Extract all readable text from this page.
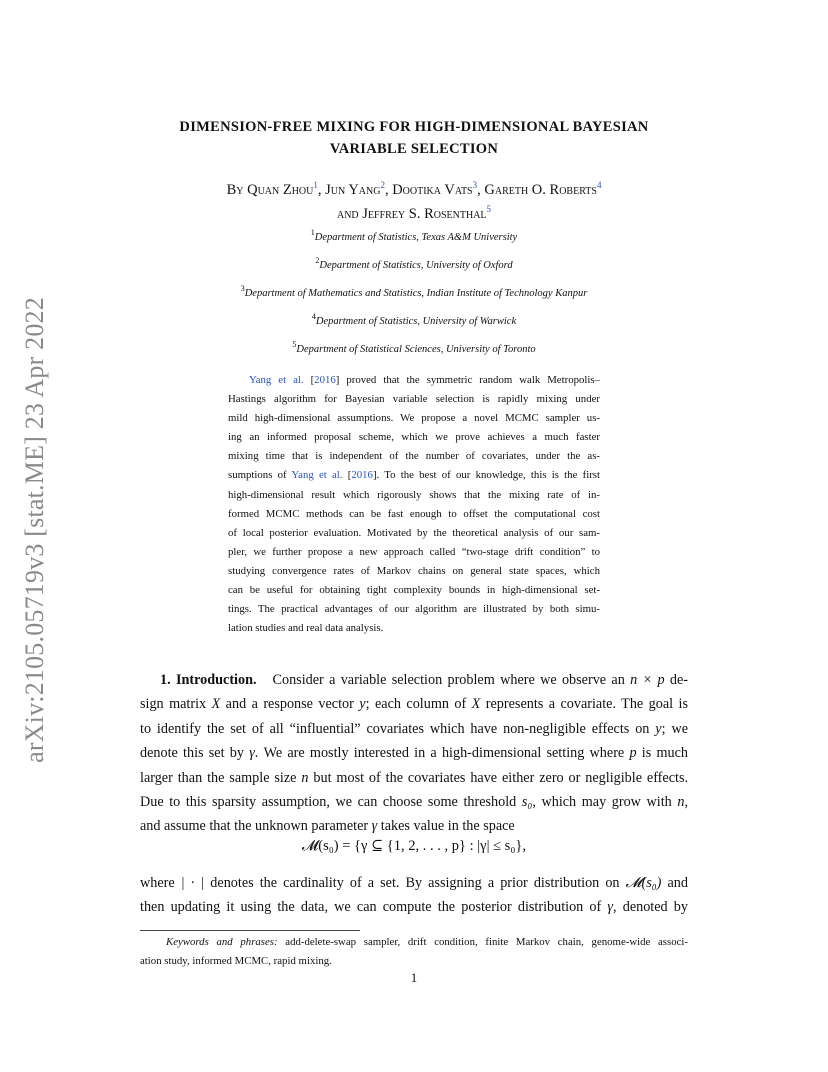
arXiv:2105.05719v3 [stat.ME] 23 Apr 2022
DIMENSION-FREE MIXING FOR HIGH-DIMENSIONAL BAYESIAN
VARIABLE SELECTION
By Quan Zhou$^1$, Jun Yang$^2$, Dootika Vats$^3$, Gareth O. Roberts$^4$
and Jeffrey S. Rosenthal$^5$
$^1$Department of Statistics, Texas A&M University
$^2$Department of Statistics, University of Oxford
$^3$Department of Mathematics and Statistics, Indian Institute of Technology Kanpur
$^4$Department of Statistics, University of Warwick
$^5$Department of Statistical Sciences, University of Toronto
Yang et al. [2016] proved that the symmetric random walk Metropolis–
Hastings algorithm for Bayesian variable selection is rapidly mixing under
mild high-dimensional assumptions. We propose a novel MCMC sampler us-
ing an informed proposal scheme, which we prove achieves a much faster
mixing time that is independent of the number of covariates, under the as-
sumptions of Yang et al. [2016]. To the best of our knowledge, this is the first
high-dimensional result which rigorously shows that the mixing rate of in-
formed MCMC methods can be fast enough to offset the computational cost
of local posterior evaluation. Motivated by the theoretical analysis of our sam-
pler, we further propose a new approach called “two-stage drift condition” to
studying convergence rates of Markov chains on general state spaces, which
can be useful for obtaining tight complexity bounds in high-dimensional set-
tings. The practical advantages of our algorithm are illustrated by both simu-
lation studies and real data analysis.
1. Introduction. Consider a variable selection problem where we observe an n × p de-
sign matrix X and a response vector y; each column of X represents a covariate. The goal is
to identify the set of all “influential” covariates which have non-negligible effects on y; we
denote this set by γ. We are mostly interested in a high-dimensional setting where p is much
larger than the sample size n but most of the covariates have either zero or negligible effects.
Due to this sparsity assumption, we can choose some threshold s₀, which may grow with n,
and assume that the unknown parameter γ takes value in the space
𝓜(s₀) = {γ ⊆ {1, 2, . . . , p} : |γ| ≤ s₀},
where | · | denotes the cardinality of a set. By assigning a prior distribution on 𝓜(s₀) and
then updating it using the data, we can compute the posterior distribution of γ, denoted by
Keywords and phrases: add-delete-swap sampler, drift condition, finite Markov chain, genome-wide associ-
ation study, informed MCMC, rapid mixing.
1
